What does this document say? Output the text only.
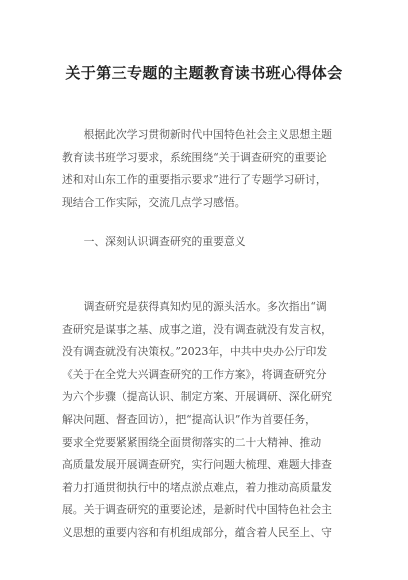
关于第三专题的主题教育读书班心得体会
　　根据此次学习贯彻新时代中国特色社会主义思想主题
教育读书班学习要求，系统围绕“关于调查研究的重要论
述和对山东工作的重要指示要求”进行了专题学习研讨，
现结合工作实际，交流几点学习感悟。
　　一、深刻认识调查研究的重要意义
　　调查研究是获得真知灼见的源头活水。多次指出“调
查研究是谋事之基、成事之道，没有调查就没有发言权，
没有调查就没有决策权。”2023年，中共中央办公厅印发
《关于在全党大兴调查研究的工作方案》，将调查研究分
为六个步骤（提高认识、制定方案、开展调研、深化研究
解决问题、督查回访），把“提高认识”作为首要任务，
要求全党要紧紧围绕全面贯彻落实的二十大精神、推动
高质量发展开展调查研究，实行问题大梳理、难题大排查
着力打通贯彻执行中的堵点淤点难点，着力推动高质量发
展。关于调查研究的重要论述，是新时代中国特色社会主
义思想的重要内容和有机组成部分，蕴含着人民至上、守
